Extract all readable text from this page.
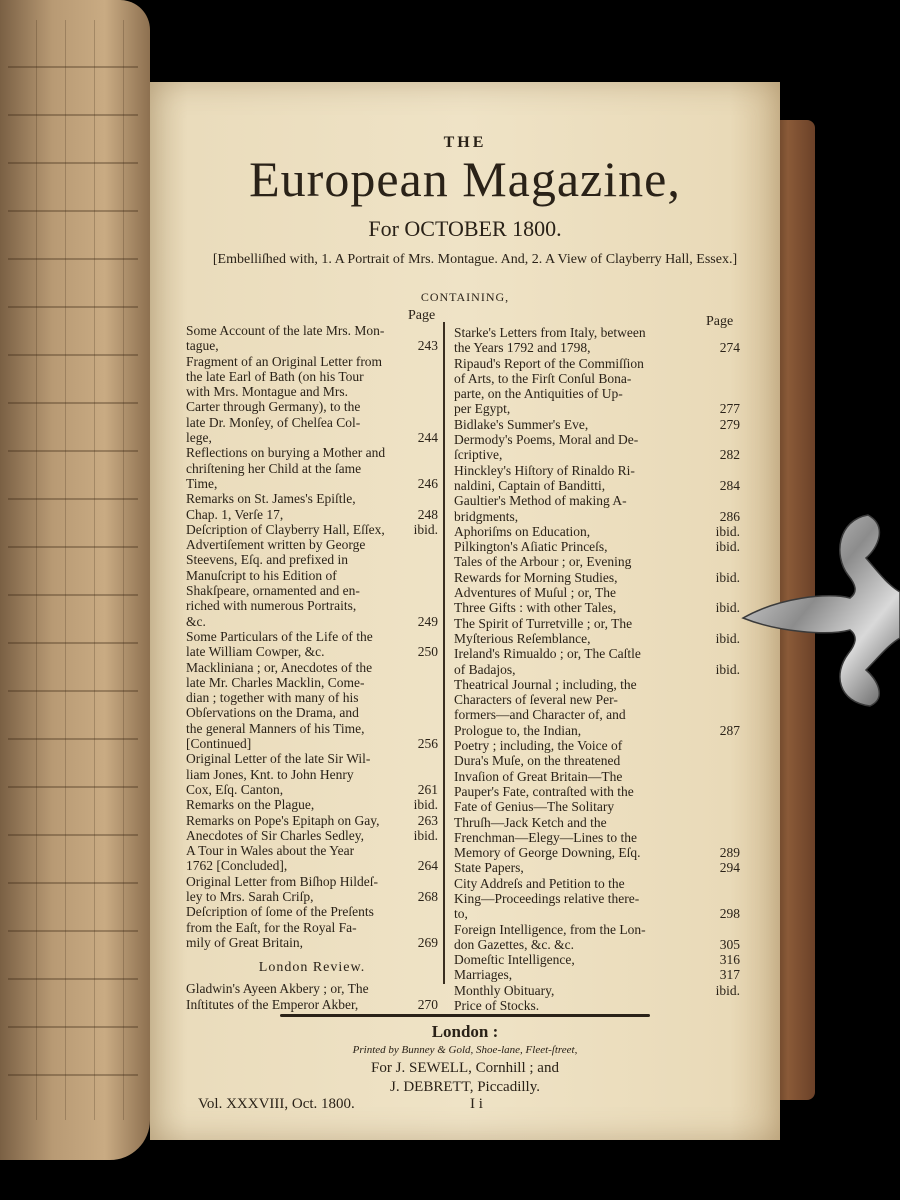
THE
European Magazine,
For OCTOBER 1800.
[Embelliſhed with, 1. A Portrait of Mrs. Montague. And, 2. A View of Clayberry Hall, Essex.]
CONTAINING,
Page	Page
Some Account of the late Mrs. Mon-
tague,	243
Fragment of an Original Letter from
the late Earl of Bath (on his Tour
with Mrs. Montague and Mrs.
Carter through Germany), to the
late Dr. Monſey, of Chelſea Col-
lege,	244
Reflections on burying a Mother and
chriſtening her Child at the ſame
Time,	246
Remarks on St. James's Epiſtle,
Chap. 1, Verſe 17,	248
Deſcription of Clayberry Hall, Eſſex,	ibid.
Advertiſement written by George
Steevens, Eſq. and prefixed in
Manuſcript to his Edition of
Shakſpeare, ornamented and en-
riched with numerous Portraits,
&c.	249
Some Particulars of the Life of the
late William Cowper, &c.	250
Mackliniana ; or, Anecdotes of the
late Mr. Charles Macklin, Come-
dian ; together with many of his
Obſervations on the Drama, and
the general Manners of his Time,
[Continued]	256
Original Letter of the late Sir Wil-
liam Jones, Knt. to John Henry
Cox, Eſq. Canton,	261
Remarks on the Plague,	ibid.
Remarks on Pope's Epitaph on Gay,	263
Anecdotes of Sir Charles Sedley,	ibid.
A Tour in Wales about the Year
1762 [Concluded],	264
Original Letter from Biſhop Hildeſ-
ley to Mrs. Sarah Criſp,	268
Deſcription of ſome of the Preſents
from the Eaſt, for the Royal Fa-
mily of Great Britain,	269
London Review.
Gladwin's Ayeen Akbery ; or, The
Inſtitutes of the Emperor Akber,	270
Starke's Letters from Italy, between
the Years 1792 and 1798,	274
Ripaud's Report of the Commiſſion
of Arts, to the Firſt Conſul Bona-
parte, on the Antiquities of Up-
per Egypt,	277
Bidlake's Summer's Eve,	279
Dermody's Poems, Moral and De-
ſcriptive,	282
Hinckley's Hiſtory of Rinaldo Ri-
naldini, Captain of Banditti,	284
Gaultier's Method of making A-
bridgments,	286
Aphoriſms on Education,	ibid.
Pilkington's Aſiatic Princeſs,	ibid.
Tales of the Arbour ; or, Evening
Rewards for Morning Studies,	ibid.
Adventures of Muſul ; or, The
Three Gifts : with other Tales,	ibid.
The Spirit of Turretville ; or, The
Myſterious Reſemblance,	ibid.
Ireland's Rimualdo ; or, The Caſtle
of Badajos,	ibid.
Theatrical Journal ; including, the
Characters of ſeveral new Per-
formers—and Character of, and
Prologue to, the Indian,	287
Poetry ; including, the Voice of
Dura's Muſe, on the threatened
Invaſion of Great Britain—The
Pauper's Fate, contraſted with the
Fate of Genius—The Solitary
Thruſh—Jack Ketch and the
Frenchman—Elegy—Lines to the
Memory of George Downing, Eſq.	289
State Papers,	294
City Addreſs and Petition to the
King—Proceedings relative there-
to,	298
Foreign Intelligence, from the Lon-
don Gazettes, &c. &c.	305
Domeſtic Intelligence,	316
Marriages,	317
Monthly Obituary,	ibid.
Price of Stocks.
London :
Printed by Bunney & Gold, Shoe-lane, Fleet-ſtreet,
For J. SEWELL, Cornhill ; and
J. DEBRETT, Piccadilly.
Vol. XXXVIII, Oct. 1800.	I i
